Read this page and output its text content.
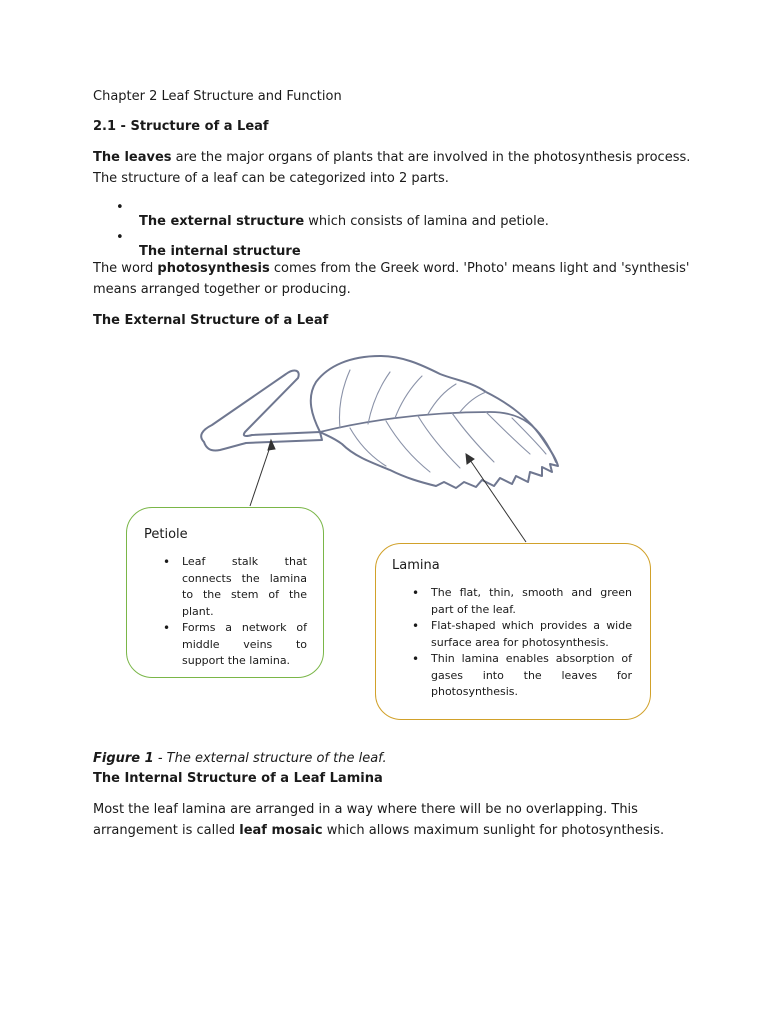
Chapter 2 Leaf Structure and Function

2.1 - Structure of a Leaf

The leaves are the major organs of plants that are involved in the photosynthesis process.

The structure of a leaf can be categorized into 2 parts.

•

The external structure which consists of lamina and petiole.

•

The internal structure

The word photosynthesis comes from the Greek word. 'Photo' means light and 'synthesis'

means arranged together or producing.

The External Structure of a Leaf

Petiole
• Leaf stalk that connects the lamina to the stem of the plant.
• Forms a network of middle veins to support the lamina.
Lamina
• The flat, thin, smooth and green part of the leaf.
• Flat-shaped which provides a wide surface area for photosynthesis.
• Thin lamina enables absorption of gases into the leaves for photosynthesis.

Figure 1 - The external structure of the leaf.

The Internal Structure of a Leaf Lamina

Most the leaf lamina are arranged in a way where there will be no overlapping. This

arrangement is called leaf mosaic which allows maximum sunlight for photosynthesis.
